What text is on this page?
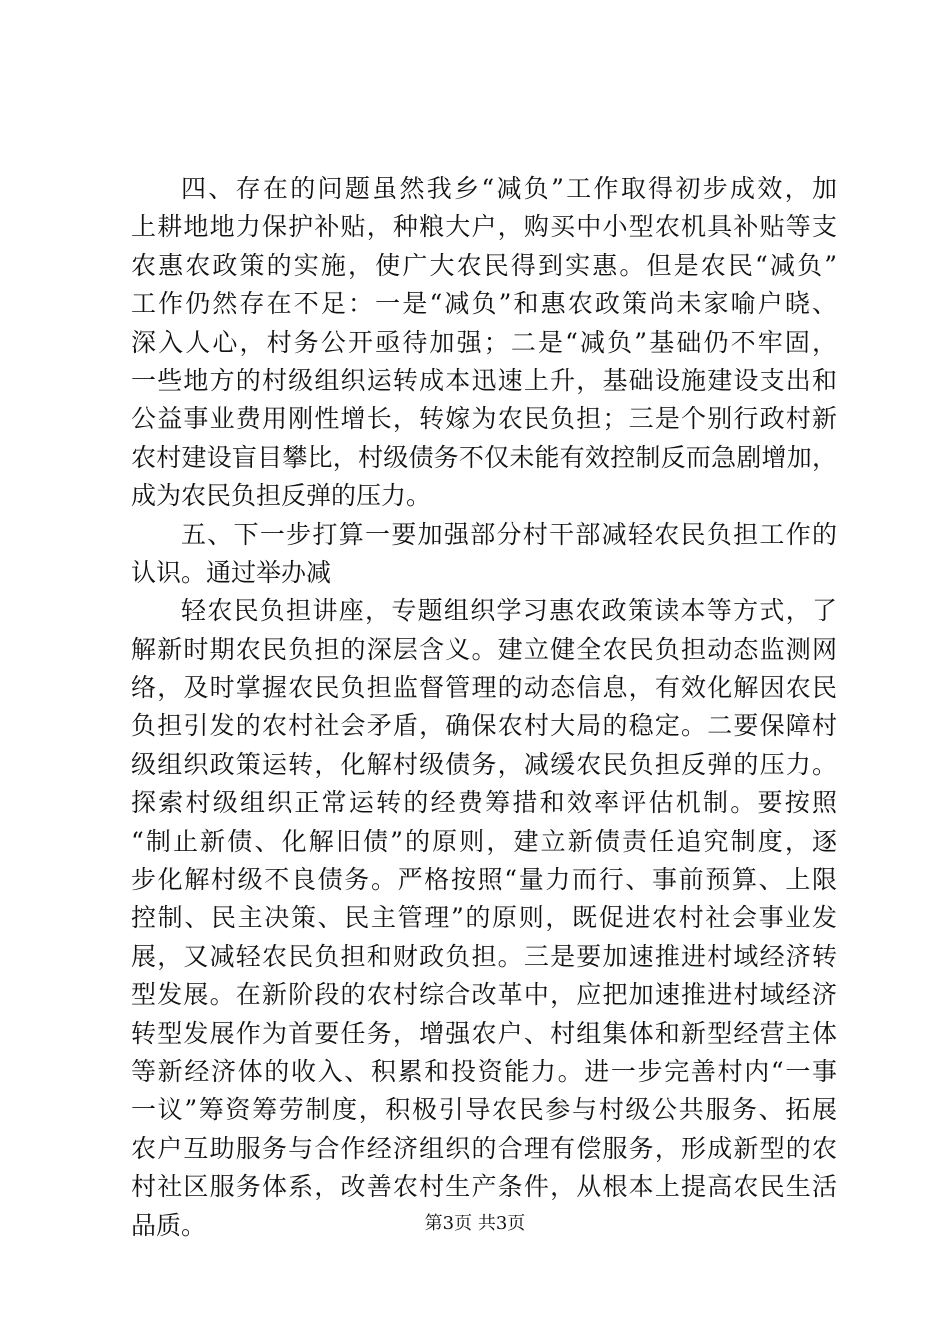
四、存在的问题虽然我乡“减负”工作取得初步成效，加
上耕地地力保护补贴，种粮大户，购买中小型农机具补贴等支
农惠农政策的实施，使广大农民得到实惠。但是农民“减负”
工作仍然存在不足：一是“减负”和惠农政策尚未家喻户晓、
深入人心，村务公开亟待加强；二是“减负”基础仍不牢固，
一些地方的村级组织运转成本迅速上升，基础设施建设支出和
公益事业费用刚性增长，转嫁为农民负担；三是个别行政村新
农村建设盲目攀比，村级债务不仅未能有效控制反而急剧增加，
成为农民负担反弹的压力。
五、下一步打算一要加强部分村干部减轻农民负担工作的
认识。通过举办减
轻农民负担讲座，专题组织学习惠农政策读本等方式，了
解新时期农民负担的深层含义。建立健全农民负担动态监测网
络，及时掌握农民负担监督管理的动态信息，有效化解因农民
负担引发的农村社会矛盾，确保农村大局的稳定。二要保障村
级组织政策运转，化解村级债务，减缓农民负担反弹的压力。
探索村级组织正常运转的经费筹措和效率评估机制。要按照
“制止新债、化解旧债”的原则，建立新债责任追究制度，逐
步化解村级不良债务。严格按照“量力而行、事前预算、上限
控制、民主决策、民主管理”的原则，既促进农村社会事业发
展，又减轻农民负担和财政负担。三是要加速推进村域经济转
型发展。在新阶段的农村综合改革中，应把加速推进村域经济
转型发展作为首要任务，增强农户、村组集体和新型经营主体
等新经济体的收入、积累和投资能力。进一步完善村内“一事
一议”筹资筹劳制度，积极引导农民参与村级公共服务、拓展
农户互助服务与合作经济组织的合理有偿服务，形成新型的农
村社区服务体系，改善农村生产条件，从根本上提高农民生活
品质。	第3页 共3页
